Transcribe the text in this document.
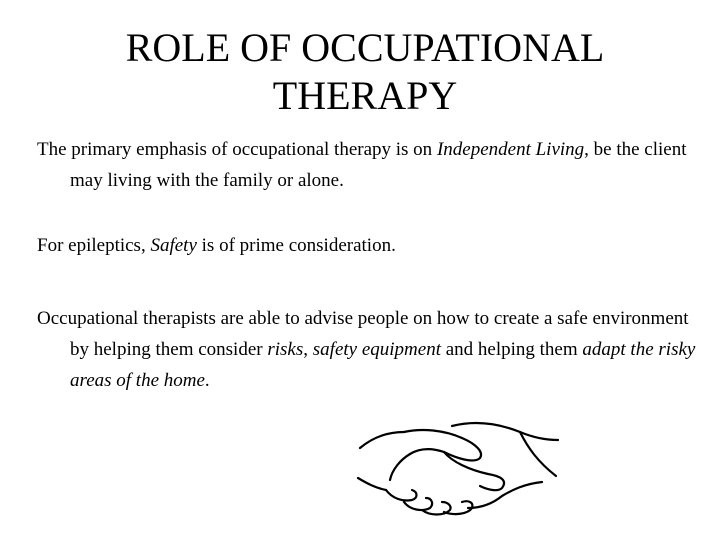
ROLE OF OCCUPATIONAL
THERAPY

The primary emphasis of occupational therapy is on Independent Living, be the client may living with the family or alone.

For epileptics, Safety is of prime consideration.

Occupational therapists are able to advise people on how to create a safe environment by helping them consider risks, safety equipment and helping them adapt the risky areas of the home.
